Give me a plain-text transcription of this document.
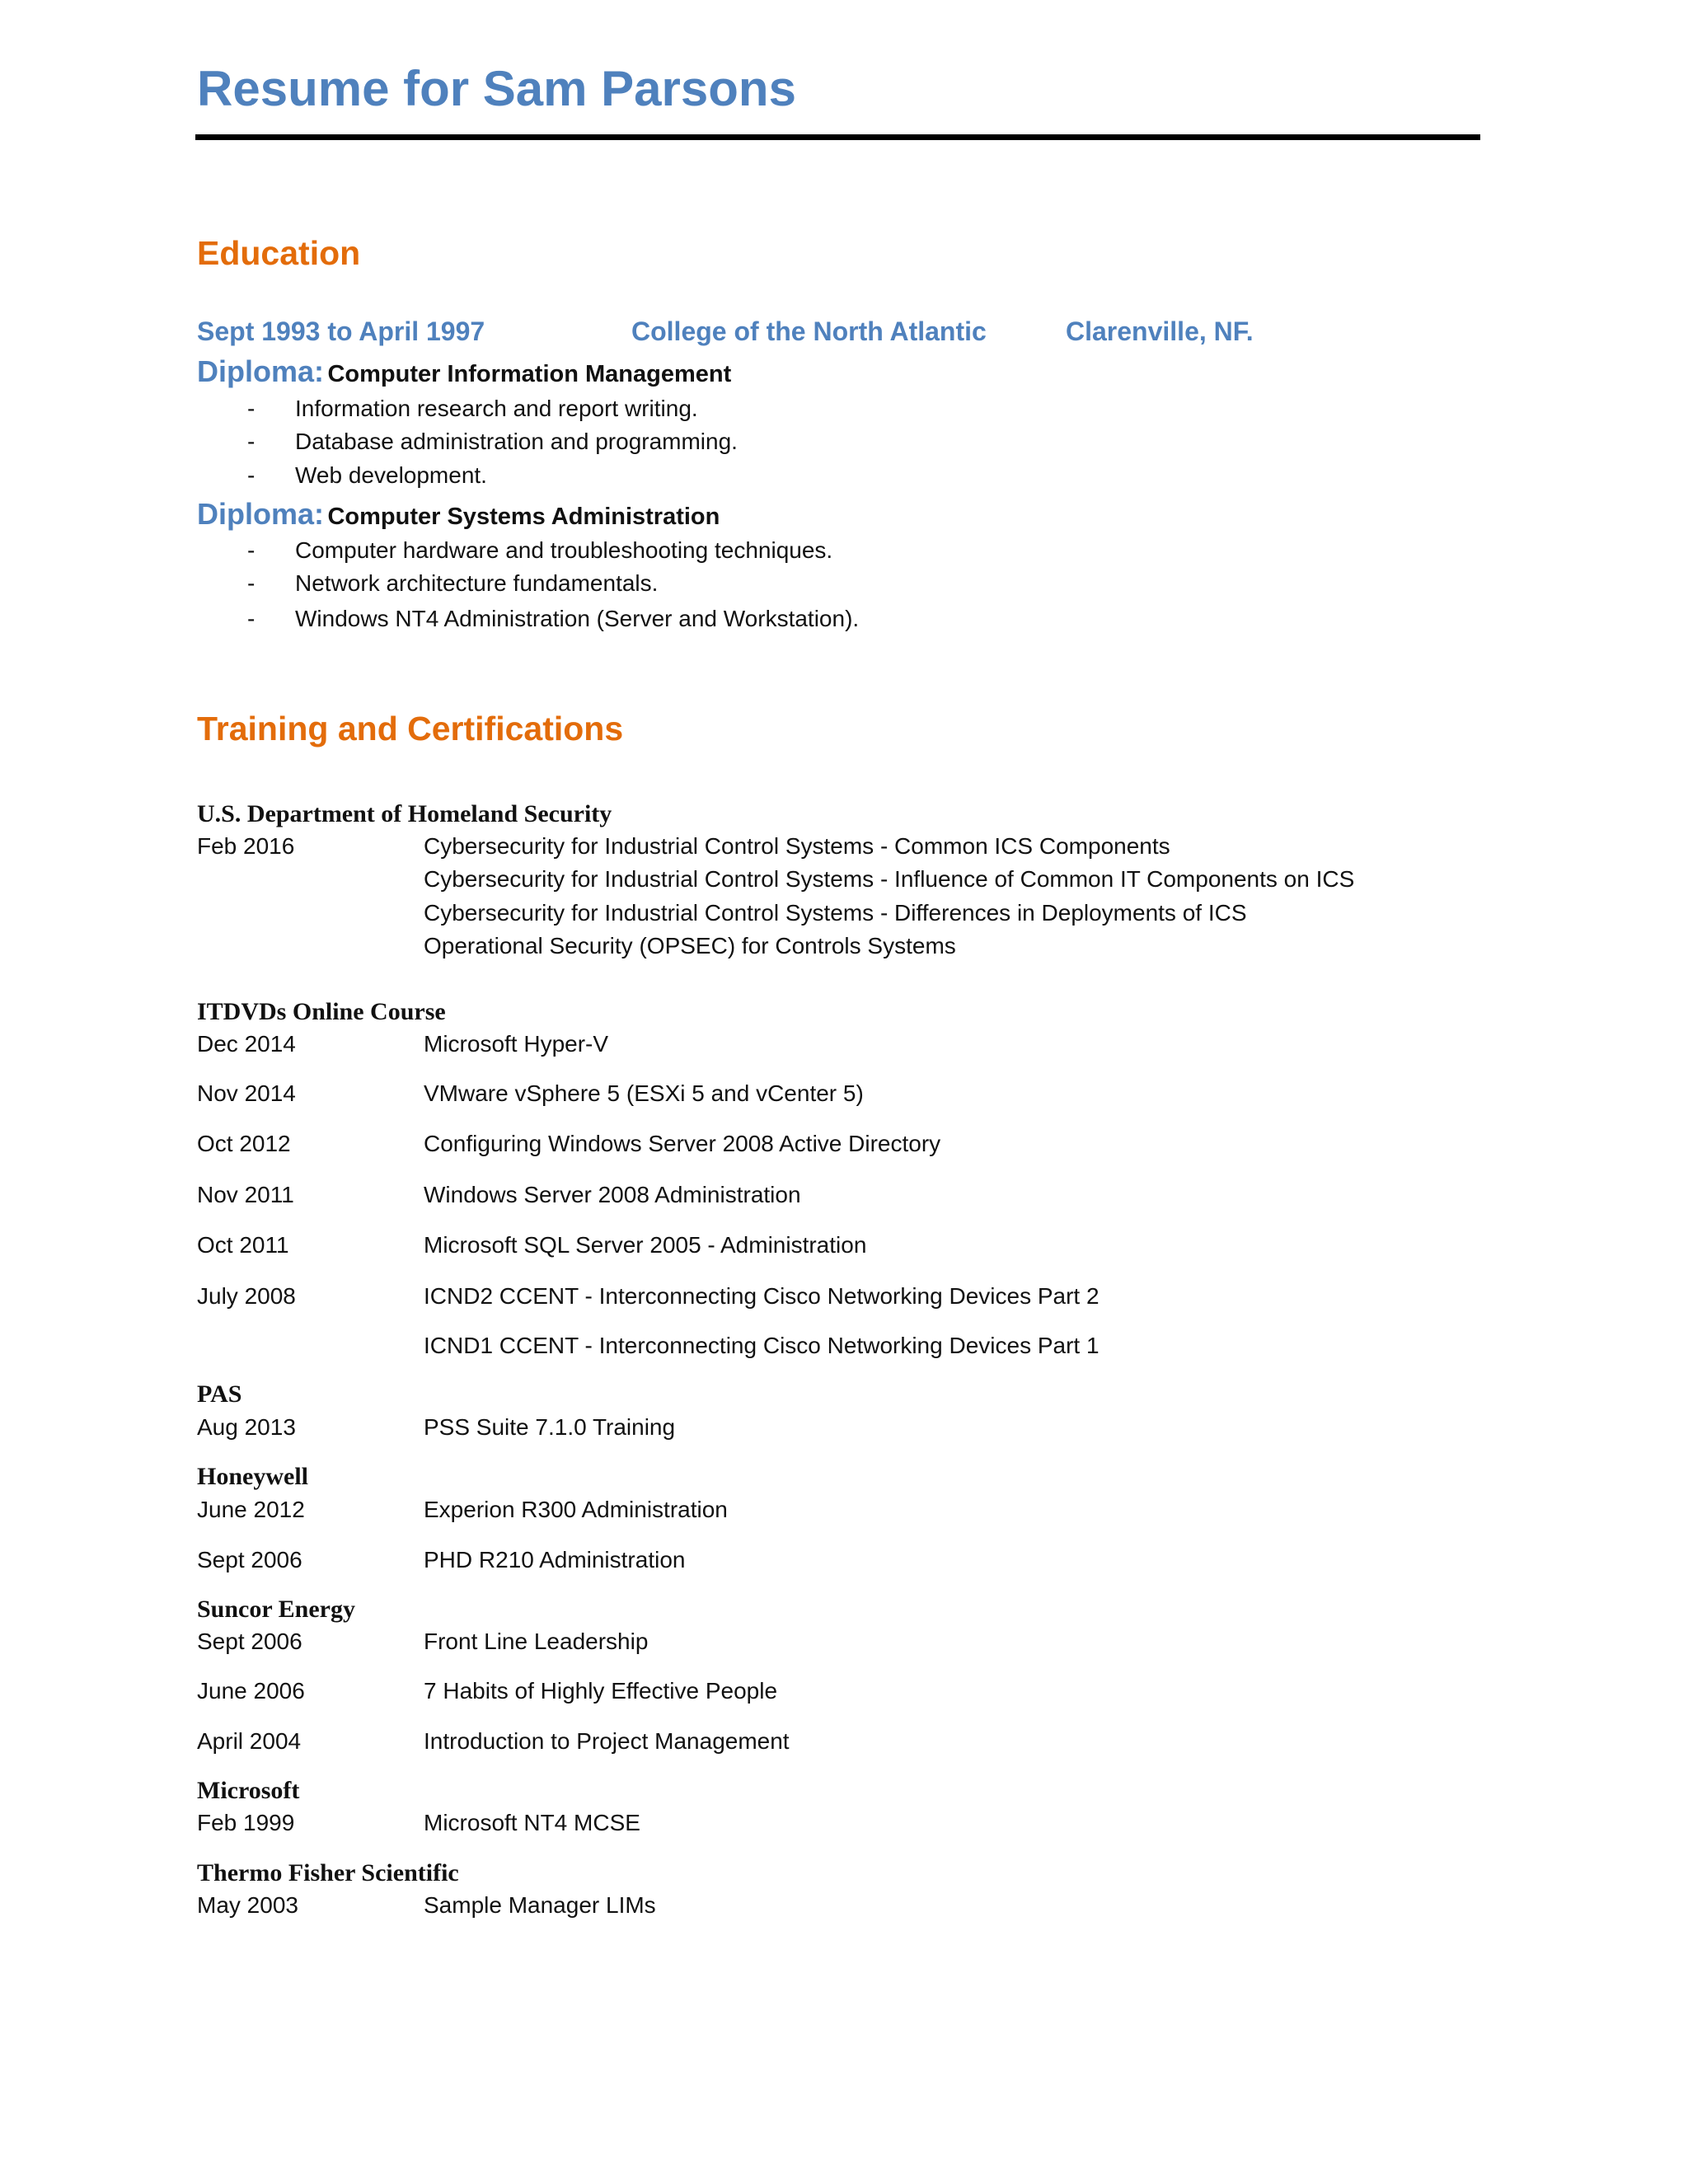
Resume for Sam Parsons
Education
Sept 1993 to April 1997	College of the North Atlantic	Clarenville, NF.
Diploma: Computer Information Management
- Information research and report writing.
- Database administration and programming.
- Web development.
Diploma: Computer Systems Administration
- Computer hardware and troubleshooting techniques.
- Network architecture fundamentals.
- Windows NT4 Administration (Server and Workstation).
Training and Certifications
U.S. Department of Homeland Security
Feb 2016	Cybersecurity for Industrial Control Systems - Common ICS Components
Cybersecurity for Industrial Control Systems - Influence of Common IT Components on ICS
Cybersecurity for Industrial Control Systems - Differences in Deployments of ICS
Operational Security (OPSEC) for Controls Systems
ITDVDs Online Course
Dec 2014	Microsoft Hyper-V
Nov 2014	VMware vSphere 5 (ESXi 5 and vCenter 5)
Oct 2012	Configuring Windows Server 2008 Active Directory
Nov 2011	Windows Server 2008 Administration
Oct 2011	Microsoft SQL Server 2005 - Administration
July 2008	ICND2 CCENT - Interconnecting Cisco Networking Devices Part 2
ICND1 CCENT - Interconnecting Cisco Networking Devices Part 1
PAS
Aug 2013	PSS Suite 7.1.0 Training
Honeywell
June 2012	Experion R300 Administration
Sept 2006	PHD R210 Administration
Suncor Energy
Sept 2006	Front Line Leadership
June 2006	7 Habits of Highly Effective People
April 2004	Introduction to Project Management
Microsoft
Feb 1999	Microsoft NT4 MCSE
Thermo Fisher Scientific
May 2003	Sample Manager LIMs
